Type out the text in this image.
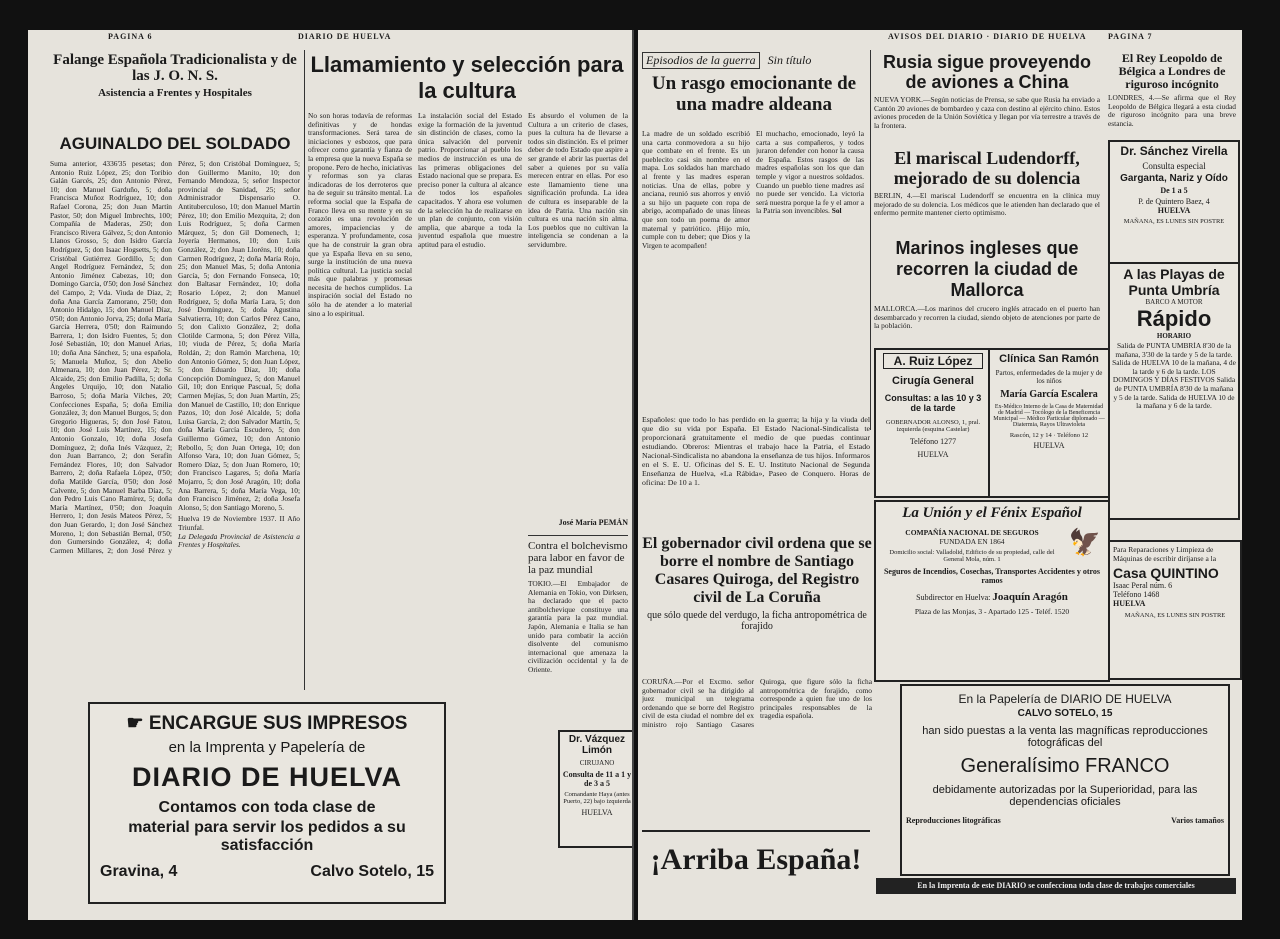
PAGINA 6	DIARIO DE HUELVA
Falange Española Tradicionalista y de las J. O. N. S.
Asistencia a Frentes y Hospitales
AGUINALDO DEL SOLDADO
Suma anterior, 4336'35 pesetas; don Antonio Ruiz López, 25; don Toribio Galán Garcés, 25; don Antonio Pérez, 10; don Manuel Garduño, 5; doña Francisca Muñoz Rodríguez, 10; don Rafael Corona, 25; don Juan Martín Pastor, 50; don Miguel Imbrechts, 100; Compañía de Maderas, 250; don Francisco Rivera Gálvez, 5; don Antonio Llanos Grosso, 5; don Isidro García Rodríguez, 5; don Isaac Hogsetts, 5; don Cristóbal Gutiérrez Gordillo, 5; don Angel Rodríguez Fernández, 5; don Antonio Jiménez Cabezas, 10; don Domingo García, 0'50; don José Sánchez del Campo, 2; Vda. Viuda de Díaz, 2; doña Ana García Zamorano, 2'50; don Antonio Hidalgo, 15; don Manuel Díaz, 0'50; don Antonio Jorva, 25; doña María García Herrera, 0'50; don Raimundo Barrera, 1; don Isidro Fuentes, 5; don José Sebastián, 10; don Manuel Arias, 10; doña Ana Sánchez, 5; una española, 5; Manuela Muñoz, 5; don Abelio Almenara, 10; don Juan Pérez, 2; Sr. Alcaide, 25; don Emilio Padilla, 5; doña Ángeles Urquijo, 10; don Natalio Barroso, 5; doña María Vilches, 20; Confecciones España, 5; doña Emilia González, 3; don Manuel Burgos, 5; don Gregorio Higueras, 5; don José Fatou, 10; don José Luis Martínez, 15; don Antonio Gonzalo, 10; doña Josefa Domínguez, 2; doña Inés Vázquez, 2; don Juan Barranco, 2; don Serafín Fernández Flores, 10; don Salvador Barrero, 2; doña Rafaela López, 0'50; doña Matilde García, 0'50; don José Calvente, 5; don Manuel Barba Díaz, 5; don Pedro Luis Cano Ramírez, 5; doña María Martínez, 0'50; don Joaquín Herrero, 1; don Jesús Mateos Pérez, 5; don Juan Gerardo, 1; don José Sánchez Moreno, 1; don Sebastián Bernal, 0'50; don Gumersindo González, 4; doña Carmen Millares, 2; don José Pérez y Pérez, 5; don Cristóbal Domínguez, 5; don Guillermo Manito, 10; don Fernando Mendoza, 5; señor Inspector provincial de Sanidad, 25; señor Administrador Dispensario O. Antituberculoso, 10; don Manuel Martín Pérez, 10; don Emilio Mezquita, 2; don Luis Rodríguez, 5; doña Carmen Márquez, 5; don Gil Domenech, 1; Joyería Hermanos, 10; don Luis González, 2; don Juan Lloréns, 10; doña Carmen Rodríguez, 2; doña María Rojo, 25; don Manuel Mas, 5; doña Antonia García, 5; don Fernando Fonseca, 10; don Baltasar Fernández, 10; doña Rosario López, 2; don Manuel Rodríguez, 5; doña María Lara, 5; don José Domínguez, 5; doña Agustina Salvatierra, 10; don Carlos Pérez Cano, 5; don Calixto González, 2; doña Clotilde Carmona, 5; don Pérez Villa, 10; viuda de Pérez, 5; doña María Roldán, 2; don Ramón Marchena, 10; don Antonio Gómez, 5; don Juan López, 5; don Eduardo Díaz, 10; doña Concepción Domínguez, 5; don Manuel Gil, 10; don Enrique Pascual, 5; doña Carmen Mejías, 5; don Juan Martín, 25; don Manuel de Castillo, 10; don Enrique Pazos, 10; don José Alcalde, 5; doña Luisa García, 2; don Salvador Martín, 5; doña María García Escudero, 5; don Guillermo Gómez, 10; don Antonio Rebollo, 5; don Juan Ortega, 10; don Alfonso Vara, 10; don Juan Gómez, 5; Romero Díaz, 5; don Juan Romero, 10; don Francisco Lagares, 5; doña María Mojarro, 5; don José Aragón, 10; doña Ana Barrera, 5; doña María Vega, 10; don Francisco Jiménez, 2; doña Josefa Alonso, 5; don Santiago Moreno, 5.
Huelva 19 de Noviembre 1937. II Año Triunfal.
La Delegada Provincial de Asistencia a Frentes y Hospitales.
Llamamiento y selección para la cultura
No son horas todavía de reformas definitivas y de hondas transformaciones. Será tarea de iniciaciones y esbozos, que para ofrecer como garantía y fianza de la empresa que la nueva España se propone. Pero de hecho, iniciativas y reformas son ya claras indicadoras de los derroteros que ha de seguir su tránsito mental. La reforma social que la España de Franco lleva en su mente y en su corazón es una revolución de amores, impaciencias y de esperanza. Y profundamente, cosa que ha de construir la gran obra que ya España lleva en su seno, surge la institución de una nueva política cultural. La justicia social más que palabras y promesas necesita de hechos cumplidos. La inspiración social del Estado no sólo ha de atender a lo material sino a lo espiritual.
La instalación social del Estado exige la formación de la juventud sin distinción de clases, como la única salvación del porvenir patrio. Proporcionar al pueblo los medios de instrucción es una de las primeras obligaciones del Estado nacional que se prepara. Es preciso poner la cultura al alcance de todos los españoles capacitados. Y ahora ese volumen de la selección ha de realizarse en un plan de conjunto, con visión amplia, que abarque a toda la juventud española que muestre aptitud para el estudio.
Es absurdo el volumen de la Cultura a un criterio de clases, pues la cultura ha de llevarse a todos sin distinción. Es el primer deber de todo Estado que aspire a ser grande el abrir las puertas del saber a quienes por su valía merecen entrar en ellas. Por eso este llamamiento tiene una significación profunda. La idea de cultura es inseparable de la idea de Patria. Una nación sin cultura es una nación sin alma. Los pueblos que no cultivan la inteligencia se condenan a la servidumbre.
José María PEMÁN
Contra el bolchevismo para labor en favor de la paz mundial
TOKIO.—El Embajador de Alemania en Tokio, von Dirksen, ha declarado que el pacto antibolchevique constituye una garantía para la paz mundial. Japón, Alemania e Italia se han unido para combatir la acción disolvente del comunismo internacional que amenaza la civilización occidental y la de Oriente.
Dr. Vázquez Limón
CIRUJANO
Consulta de 11 a 1 y de 3 a 5
Comandante Haya (antes Puerto, 22) bajo izquierda
HUELVA
☛ ENCARGUE SUS IMPRESOS
en la Imprenta y Papelería de
DIARIO DE HUELVA
Contamos con toda clase de
material para servir los pedidos a su satisfacción
Gravina, 4	Calvo Sotelo, 15
AVISOS DEL DIARIO · DIARIO DE HUELVA	PAGINA 7
Episodios de la guerra	Sin título
Un rasgo emocionante de una madre aldeana
La madre de un soldado escribió una carta conmovedora a su hijo que combate en el frente. Es un pueblecito casi sin nombre en el mapa. Los soldados han marchado al frente y las madres esperan noticias. Una de ellas, pobre y anciana, reunió sus ahorros y envió a su hijo un paquete con ropa de abrigo, acompañado de unas líneas que son todo un poema de amor maternal y patriótico. ¡Hijo mío, cumple con tu deber; que Dios y la Virgen te acompañen!
El muchacho, emocionado, leyó la carta a sus compañeros, y todos juraron defender con honor la causa de España. Estos rasgos de las madres españolas son los que dan temple y vigor a nuestros soldados. Cuando un pueblo tiene madres así no puede ser vencido. La victoria será nuestra porque la fe y el amor a la Patria son invencibles. Sol
Rusia sigue proveyendo de aviones a China
NUEVA YORK.—Según noticias de Prensa, se sabe que Rusia ha enviado a Cantón 20 aviones de bombardeo y caza con destino al ejército chino. Estos aviones proceden de la Unión Soviética y llegan por vía terrestre a través de la frontera.
El mariscal Ludendorff, mejorado de su dolencia
BERLIN, 4.—El mariscal Ludendorff se encuentra en la clínica muy mejorado de su dolencia. Los médicos que le atienden han declarado que el enfermo permite mantener cierto optimismo.
Marinos ingleses que recorren la ciudad de Mallorca
MALLORCA.—Los marinos del crucero inglés atracado en el puerto han desembarcado y recorren la ciudad, siendo objeto de atenciones por parte de la población.
A. Ruiz López
Cirugía General
Consultas: a las 10 y 3 de la tarde
GOBERNADOR ALONSO, 1, pral. izquierda (esquina Castelar)
Teléfono 1277
HUELVA
Clínica San Ramón
Partos, enfermedades de la mujer y de los niños
María García Escalera
Ex-Médico Interno de la Casa de Maternidad de Madrid — Tocólogo de la Beneficencia Municipal — Médico Particular diplomado — Diatermia, Rayos Ultravioleta
Rascón, 12 y 14 · Teléfono 12
HUELVA
Españoles: que todo lo has perdido en la guerra; la hija y la viuda del que dio su vida por España. El Estado Nacional-Sindicalista te proporcionará gratuitamente el medio de que puedas continuar estudiando. Obreros: Mientras el trabajo hace la Patria, el Estado Nacional-Sindicalista no abandona la enseñanza de tus hijos. Informaros en el S. E. U. Oficinas del S. E. U. Instituto Nacional de Segunda Enseñanza de Huelva, «La Rábida», Paseo de Conquero. Horas de oficina: De 10 a 1.
El gobernador civil ordena que se borre el nombre de Santiago Casares Quiroga, del Registro civil de La Coruña
que sólo quede del verdugo, la ficha antropométrica de forajido
CORUÑA.—Por el Excmo. señor gobernador civil se ha dirigido al juez municipal un telegrama ordenando que se borre del Registro civil de esta ciudad el nombre del ex ministro rojo Santiago Casares Quiroga, que figure sólo la ficha antropométrica de forajido, como corresponde a quien fue uno de los principales responsables de la tragedia española.
¡Arriba España!
El Rey Leopoldo de Bélgica a Londres de riguroso incógnito
LONDRES, 4.—Se afirma que el Rey Leopoldo de Bélgica llegará a esta ciudad de riguroso incógnito para una breve estancia.
Dr. Sánchez Virella
Consulta especial
Garganta, Nariz y Oído
De 1 a 5
P. de Quintero Baez, 4
HUELVA
MAÑANA, ES LUNES SIN POSTRE
A las Playas de
Punta Umbría
BARCO A MOTOR
Rápido
HORARIO
Salida de PUNTA UMBRÍA 8'30 de la mañana, 3'30 de la tarde y 5 de la tarde. Salida de HUELVA 10 de la mañana, 4 de la tarde y 6 de la tarde. LOS DOMINGOS Y DÍAS FESTIVOS Salida de PUNTA UMBRÍA 8'30 de la mañana y 5 de la tarde. Salida de HUELVA 10 de la mañana y 6 de la tarde.
La Unión y el Fénix Español
COMPAÑÍA NACIONAL DE SEGUROS
FUNDADA EN 1864
Domicilio social: Valladolid, Edificio de su propiedad, calle del General Mola, núm. 1
🦅
Seguros de Incendios, Cosechas, Transportes Accidentes y otros ramos
Subdirector en Huelva: Joaquín Aragón
Plaza de las Monjas, 3 - Apartado 125 - Teléf. 1520
Para Reparaciones y Limpieza de Máquinas de escribir diríjanse a la
Casa QUINTINO
Isaac Peral núm. 6
Teléfono 1468
HUELVA
MAÑANA, ES LUNES SIN POSTRE
En la Papelería de DIARIO DE HUELVA
CALVO SOTELO, 15
han sido puestas a la venta las magníficas reproducciones fotográficas del
Generalísimo FRANCO
debidamente autorizadas por la Superioridad, para las dependencias oficiales
Reproducciones litográficas	Varios tamaños
En la Imprenta de este DIARIO se confecciona toda clase de trabajos comerciales
